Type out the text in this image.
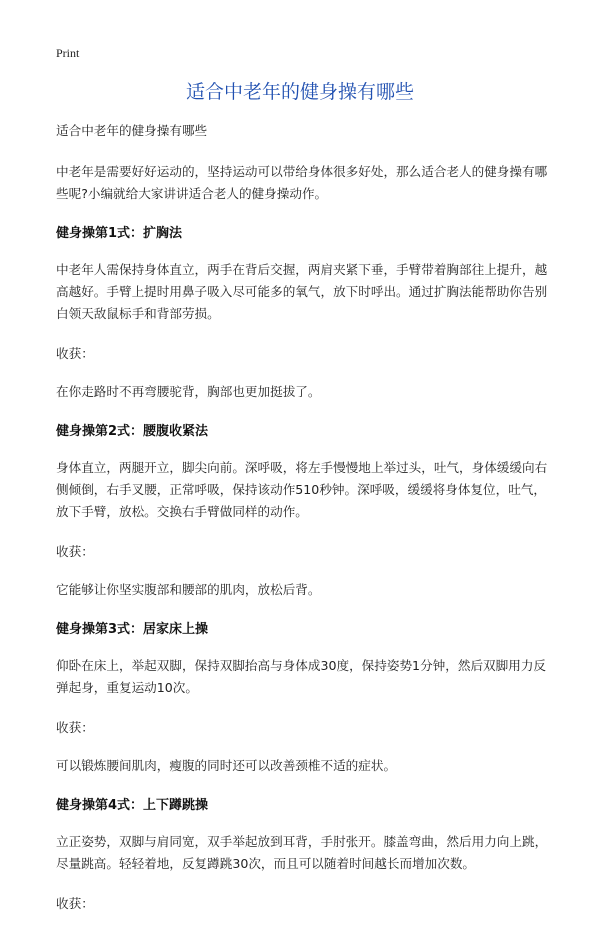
Print
适合中老年的健身操有哪些

适合中老年的健身操有哪些

中老年是需要好好运动的，坚持运动可以带给身体很多好处，那么适合老人的健身操有哪些呢?小编就给大家讲讲适合老人的健身操动作。

健身操第1式：扩胸法

中老年人需保持身体直立，两手在背后交握，两肩夹紧下垂，手臂带着胸部往上提升，越高越好。手臂上提时用鼻子吸入尽可能多的氧气，放下时呼出。通过扩胸法能帮助你告别白领天敌鼠标手和背部劳损。

收获：

在你走路时不再弯腰驼背，胸部也更加挺拔了。

健身操第2式：腰腹收紧法

身体直立，两腿开立，脚尖向前。深呼吸，将左手慢慢地上举过头，吐气，身体缓缓向右侧倾倒，右手叉腰，正常呼吸，保持该动作510秒钟。深呼吸，缓缓将身体复位，吐气，放下手臂，放松。交换右手臂做同样的动作。

收获：

它能够让你坚实腹部和腰部的肌肉，放松后背。

健身操第3式：居家床上操

仰卧在床上，举起双脚，保持双脚抬高与身体成30度，保持姿势1分钟，然后双脚用力反弹起身，重复运动10次。

收获：

可以锻炼腰间肌肉，瘦腹的同时还可以改善颈椎不适的症状。

健身操第4式：上下蹲跳操

立正姿势，双脚与肩同宽，双手举起放到耳背，手肘张开。膝盖弯曲，然后用力向上跳，尽量跳高。轻轻着地，反复蹲跳30次，而且可以随着时间越长而增加次数。

收获：
